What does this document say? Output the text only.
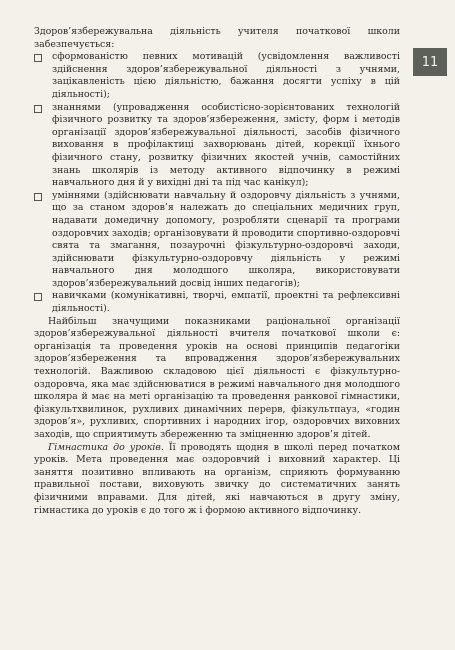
11

Здоров’язбережувальна діяльність учителя початкової школи забезпечується:

сформованістю певних мотивацій (усвідомлення важливості здійснення здоров’язбережувальної діяльності з учнями, зацікавленість цією діяльністю, бажання досягти успіху в цій діяльності);
знаннями (упровадження особистісно-зорієнтованих технологій фізичного розвитку та здоров’язбереження, змісту, форм і методів організації здоров’язбережувальної діяльності, засобів фізичного виховання в профілактиці захворювань дітей, корекції їхнього фізичного стану, розвитку фізичних якостей учнів, самостійних знань школярів із методу активного відпочинку в режимі навчального дня й у вихідні дні та під час канікул);
уміннями (здійснювати навчальну й оздоровчу діяльність з учнями, що за станом здоров’я належать до спеціальних медичних груп, надавати домедичну допомогу, розробляти сценарії та програми оздоровчих заходів; організовувати й проводити спортивно-оздоровчі свята та змагання, позаурочні фізкультурно-оздоровчі заходи, здійснювати фізкультурно-оздоровчу діяльність у режимі навчального дня молодшого школяра, використовувати здоров’язбережувальний досвід інших педагогів);
навичками (комунікативні, творчі, емпатії, проектні та рефлексивні діяльності).

Найбільш значущими показниками раціональної організації здоров’язбережувальної діяльності вчителя початкової школи є: організація та проведення уроків на основі принципів педагогіки здоров’язбереження та впровадження здоров’язбережувальних технологій. Важливою складовою цієї діяльності є фізкультурно-оздоровча, яка має здійснюватися в режимі навчального дня молодшого школяра й має на меті організацію та проведення ранкової гімнастики, фізкультхвилинок, рухливих динамічних перерв, фізкультпауз, «годин здоров’я», рухливих, спортивних і народних ігор, оздоровчих виховних заходів, що сприятимуть збереженню та зміцненню здоров’я дітей.

Гімнастика до уроків. Її проводять щодня в школі перед початком уроків. Мета проведення має оздоровчий і виховний характер. Ці заняття позитивно впливають на організм, сприяють формуванню правильної постави, виховують звичку до систематичних занять фізичними вправами. Для дітей, які навчаються в другу зміну, гімнастика до уроків є до того ж і формою активного відпочинку.
